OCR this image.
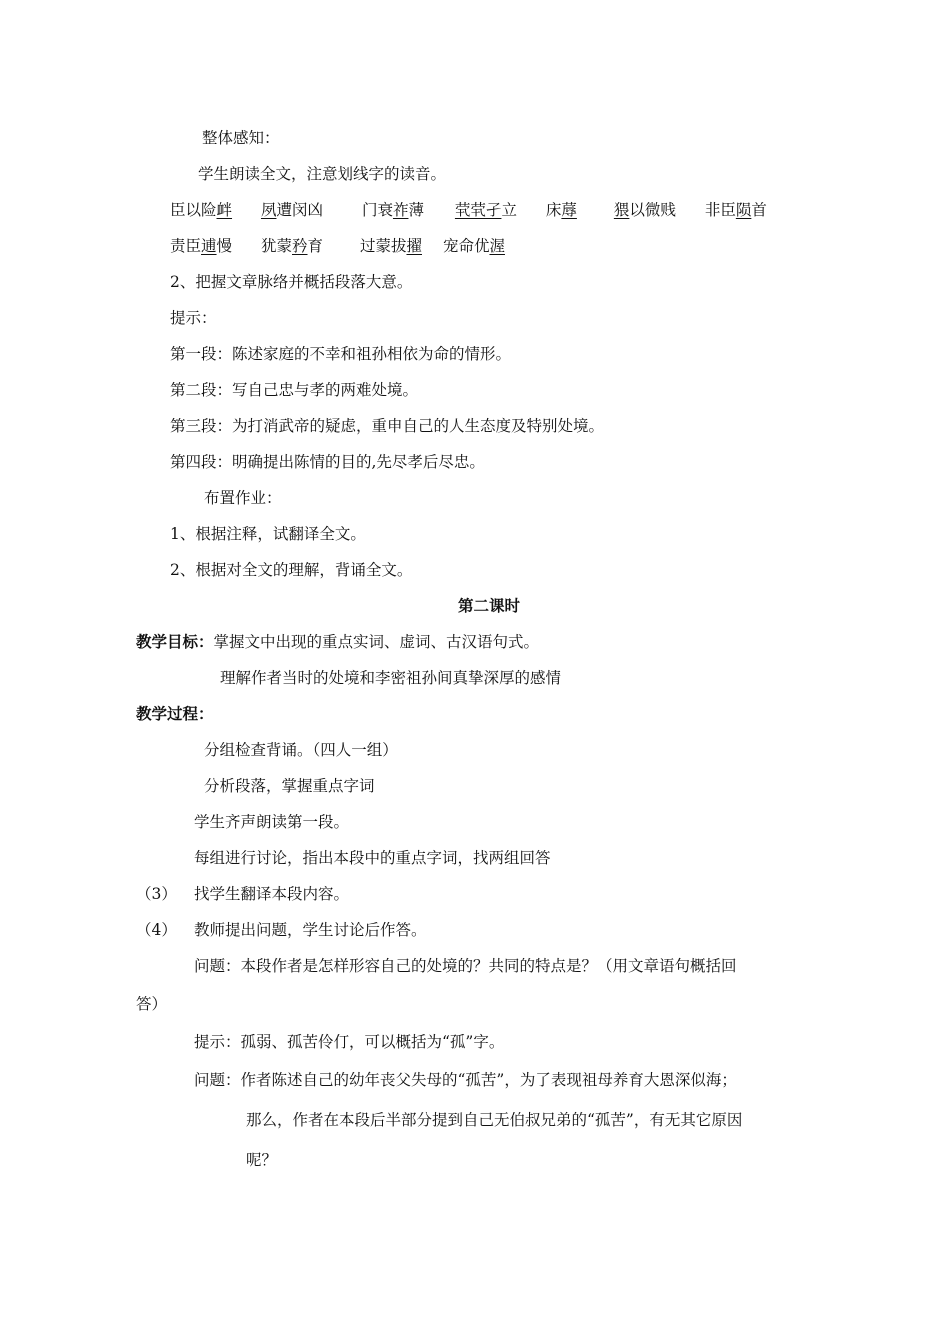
整体感知：
学生朗读全文，注意划线字的读音。
臣以险衅 夙遭闵凶	门衰祚薄 茕茕孑立 床蓐 猥以微贱 非臣陨首
责臣逋慢 犹蒙矜育 过蒙拔擢 宠命优渥
2、把握文章脉络并概括段落大意。
提示：
第一段：陈述家庭的不幸和祖孙相依为命的情形。
第二段：写自己忠与孝的两难处境。
第三段：为打消武帝的疑虑，重申自己的人生态度及特别处境。
第四段：明确提出陈情的目的,先尽孝后尽忠。
布置作业：
1、根据注释，试翻译全文。
2、根据对全文的理解，背诵全文。
第二课时
教学目标：掌握文中出现的重点实词、虚词、古汉语句式。
理解作者当时的处境和李密祖孙间真挚深厚的感情
教学过程：
分组检查背诵。（四人一组）
分析段落，掌握重点字词
学生齐声朗读第一段。
每组进行讨论，指出本段中的重点字词，找两组回答
（3） 找学生翻译本段内容。
（4） 教师提出问题，学生讨论后作答。
问题：本段作者是怎样形容自己的处境的？共同的特点是？（用文章语句概括回
答）
提示：孤弱、孤苦伶仃，可以概括为“孤”字。
问题：作者陈述自己的幼年丧父失母的“孤苦”，为了表现祖母养育大恩深似海；
那么，作者在本段后半部分提到自己无伯叔兄弟的“孤苦”，有无其它原因
呢？
